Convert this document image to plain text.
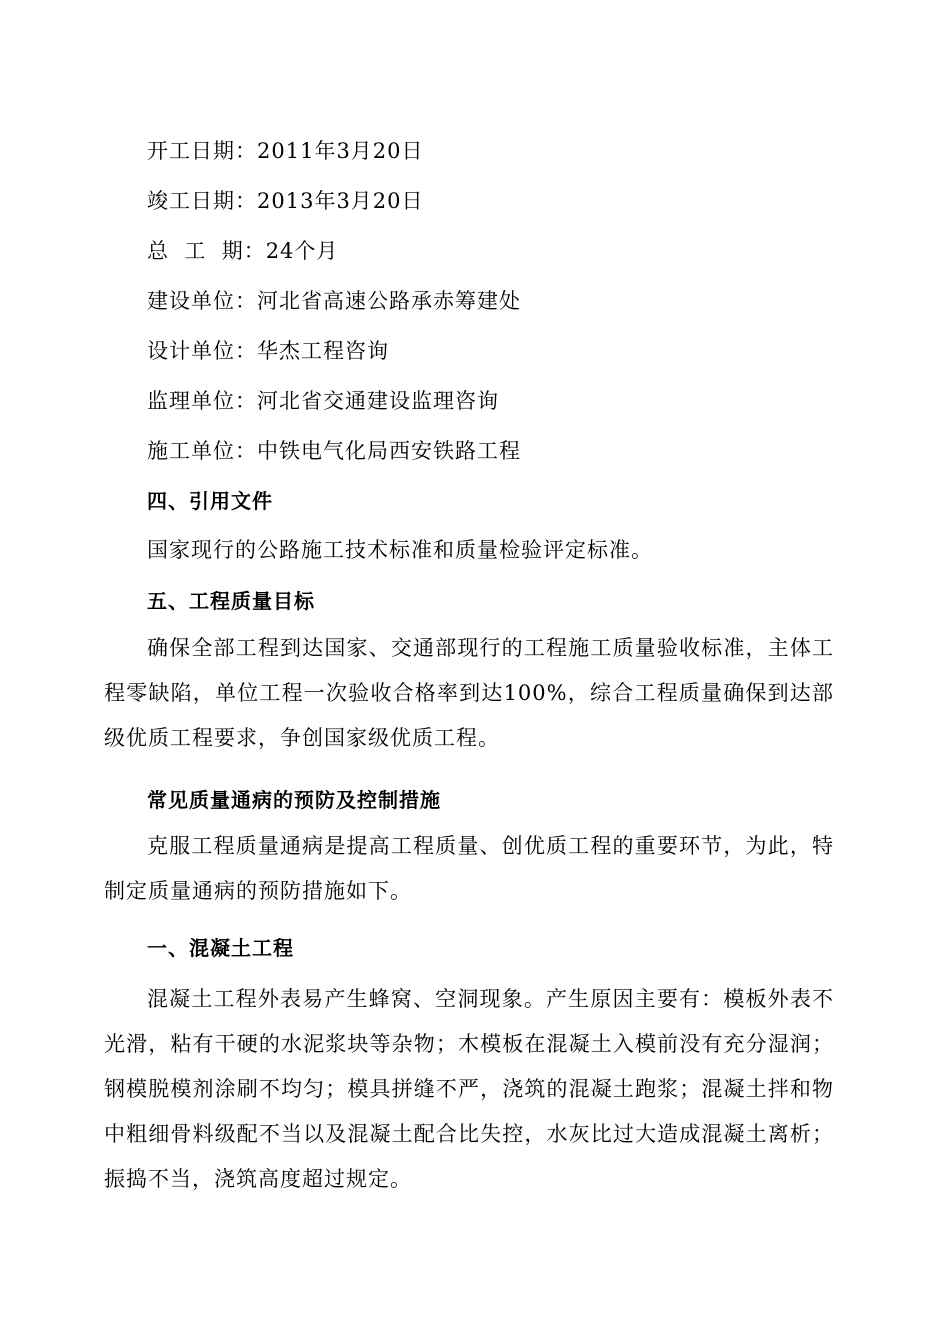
开工日期：2011年3月20日
竣工日期：2013年3月20日
总  工  期：24个月
建设单位：河北省高速公路承赤筹建处
设计单位：华杰工程咨询
监理单位：河北省交通建设监理咨询
施工单位：中铁电气化局西安铁路工程
四、引用文件
国家现行的公路施工技术标准和质量检验评定标准。
五、工程质量目标
确保全部工程到达国家、交通部现行的工程施工质量验收标准，主体工程零缺陷，单位工程一次验收合格率到达100%，综合工程质量确保到达部级优质工程要求，争创国家级优质工程。
常见质量通病的预防及控制措施
克服工程质量通病是提高工程质量、创优质工程的重要环节，为此，特制定质量通病的预防措施如下。
一、混凝土工程
混凝土工程外表易产生蜂窝、空洞现象。产生原因主要有：模板外表不光滑，粘有干硬的水泥浆块等杂物；木模板在混凝土入模前没有充分湿润；钢模脱模剂涂刷不均匀；模具拼缝不严，浇筑的混凝土跑浆；混凝土拌和物中粗细骨料级配不当以及混凝土配合比失控，水灰比过大造成混凝土离析；振捣不当，浇筑高度超过规定。
